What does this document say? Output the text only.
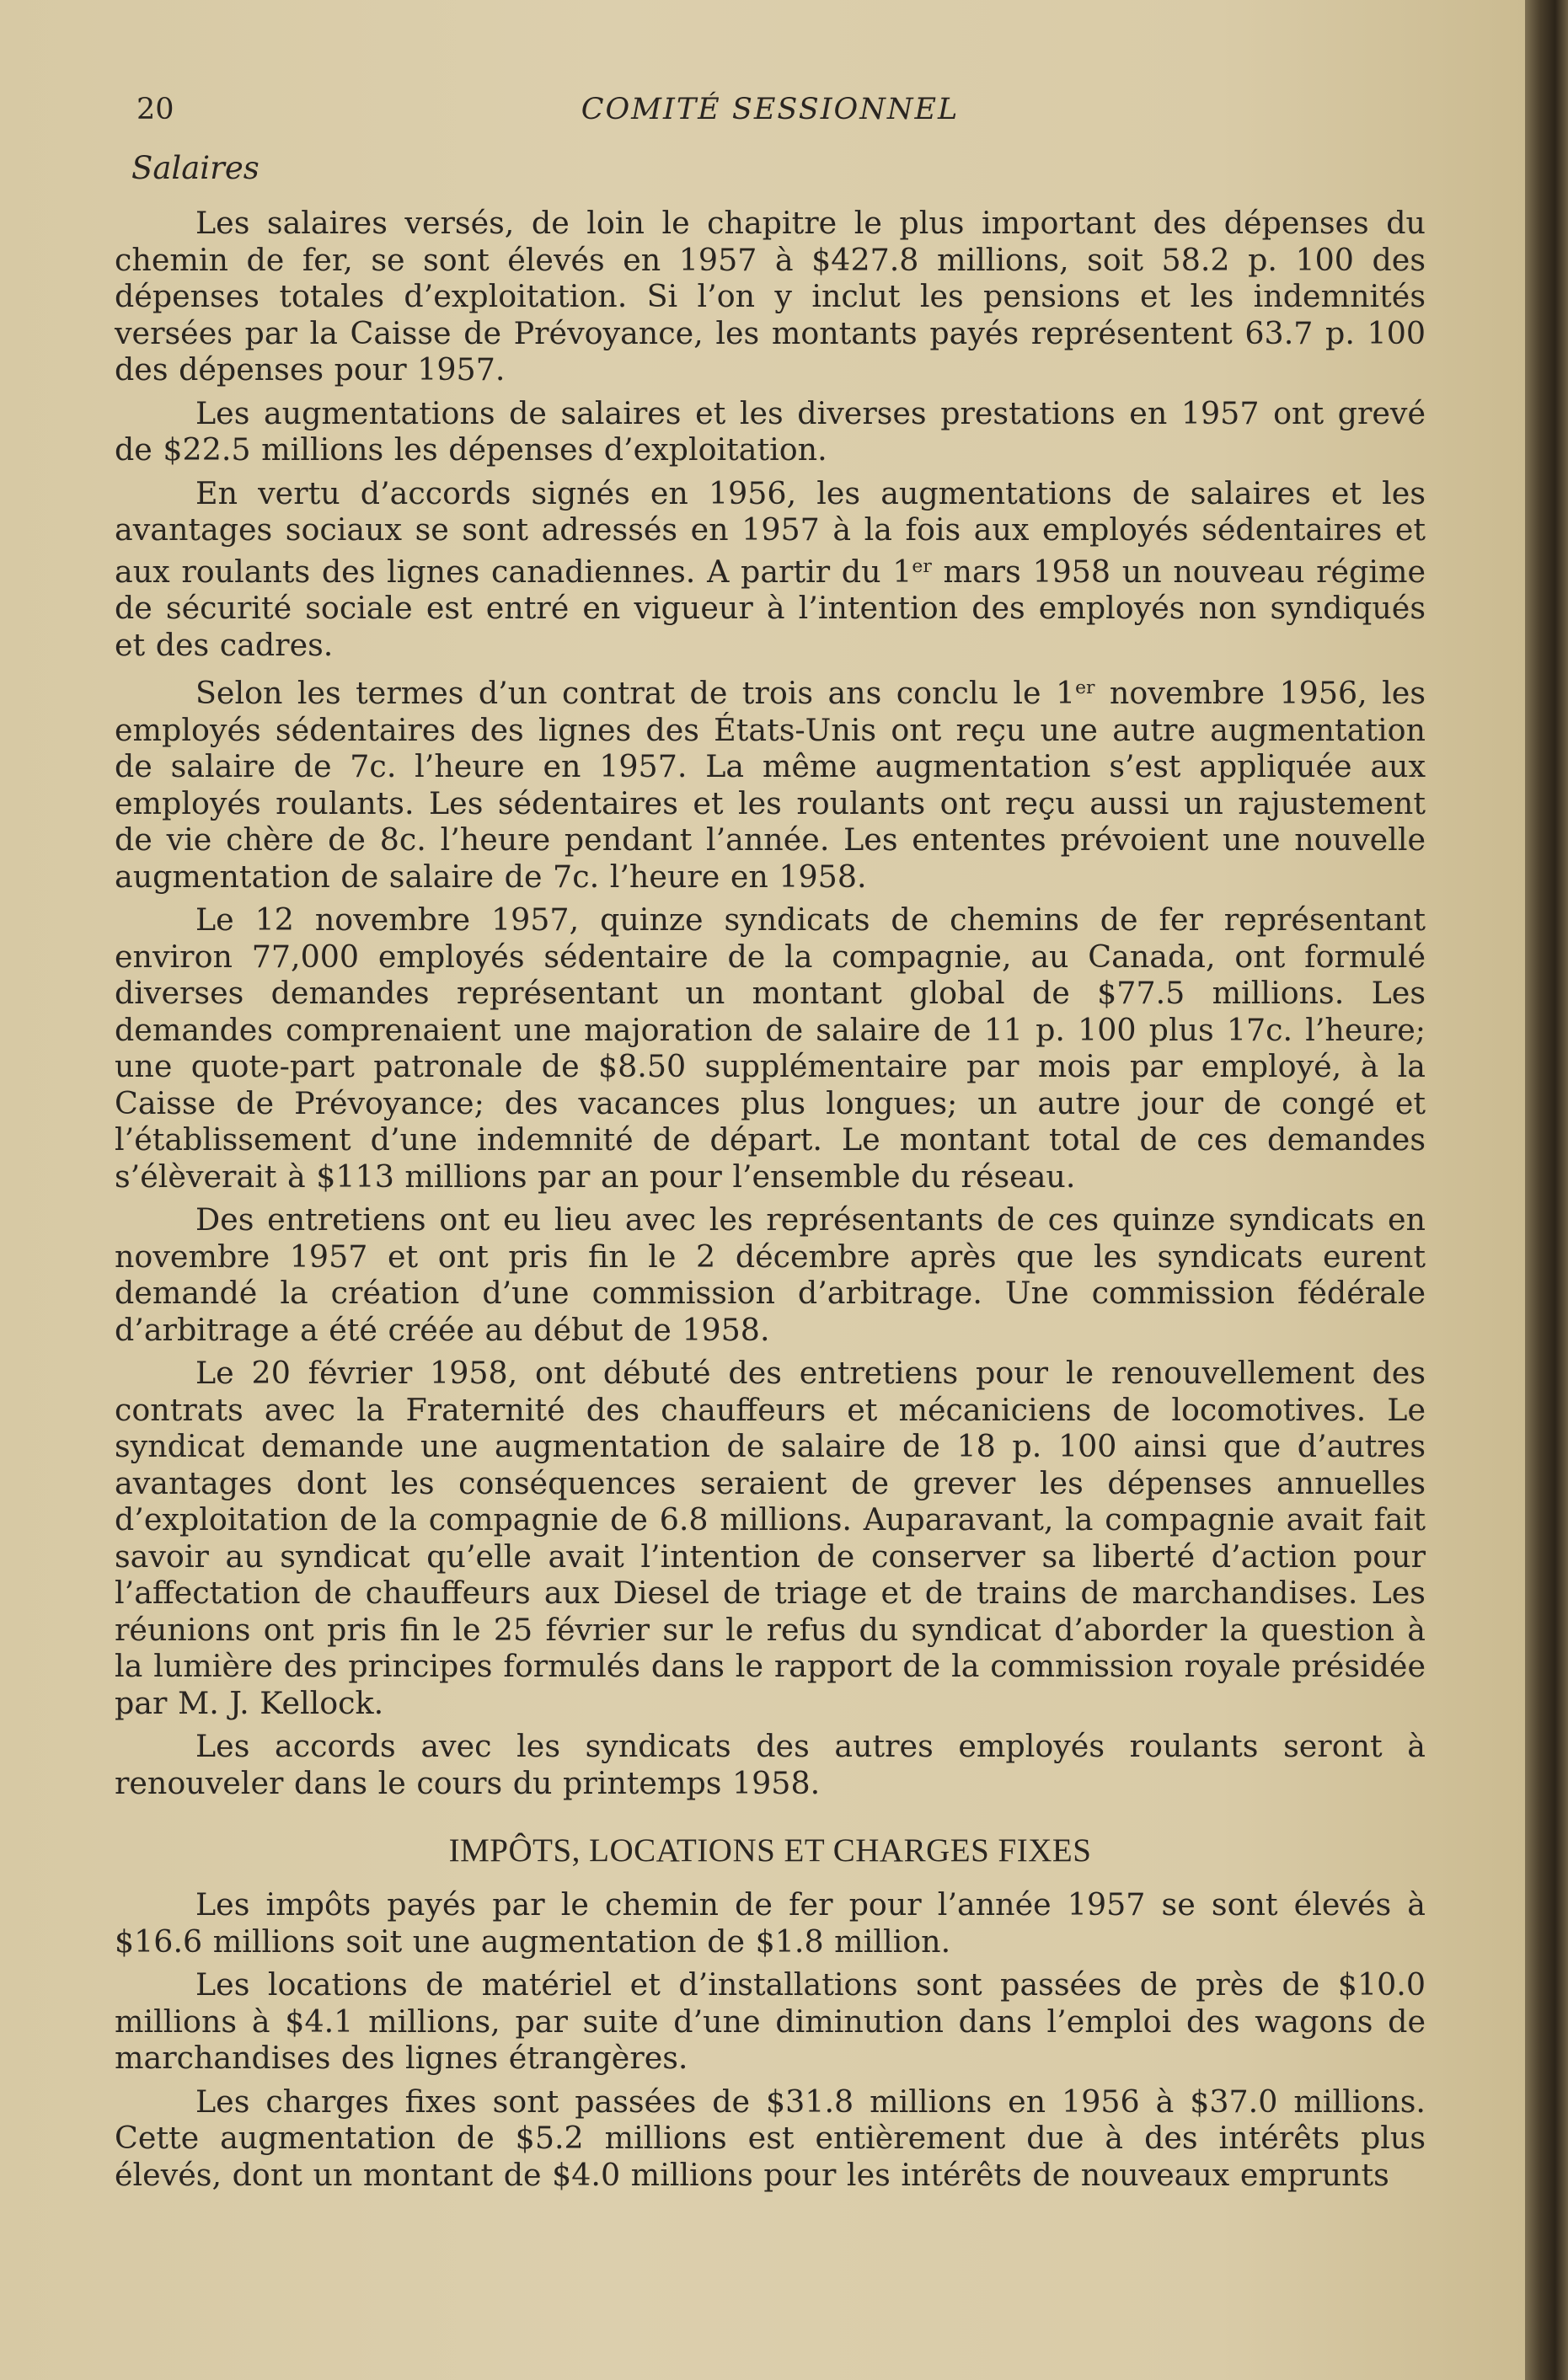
20	COMITÉ SESSIONNEL
Salaires

Les salaires versés, de loin le chapitre le plus important des dépenses du chemin de fer, se sont élevés en 1957 à $427.8 millions, soit 58.2 p. 100 des dépenses totales d’exploitation. Si l’on y inclut les pensions et les indemnités versées par la Caisse de Prévoyance, les montants payés représentent 63.7 p. 100 des dépenses pour 1957.

Les augmentations de salaires et les diverses prestations en 1957 ont grevé de $22.5 millions les dépenses d’exploitation.

En vertu d’accords signés en 1956, les augmentations de salaires et les avantages sociaux se sont adressés en 1957 à la fois aux employés sédentaires et aux roulants des lignes canadiennes. A partir du 1er mars 1958 un nouveau régime de sécurité sociale est entré en vigueur à l’intention des employés non syndiqués et des cadres.

Selon les termes d’un contrat de trois ans conclu le 1er novembre 1956, les employés sédentaires des lignes des États-Unis ont reçu une autre augmentation de salaire de 7c. l’heure en 1957. La même augmentation s’est appliquée aux employés roulants. Les sédentaires et les roulants ont reçu aussi un rajustement de vie chère de 8c. l’heure pendant l’année. Les ententes prévoient une nouvelle augmentation de salaire de 7c. l’heure en 1958.

Le 12 novembre 1957, quinze syndicats de chemins de fer représentant environ 77,000 employés sédentaire de la compagnie, au Canada, ont formulé diverses demandes représentant un montant global de $77.5 millions. Les demandes comprenaient une majoration de salaire de 11 p. 100 plus 17c. l’heure; une quote-part patronale de $8.50 supplémentaire par mois par employé, à la Caisse de Prévoyance; des vacances plus longues; un autre jour de congé et l’établissement d’une indemnité de départ. Le montant total de ces demandes s’élèverait à $113 millions par an pour l’ensemble du réseau.

Des entretiens ont eu lieu avec les représentants de ces quinze syndicats en novembre 1957 et ont pris fin le 2 décembre après que les syndicats eurent demandé la création d’une commission d’arbitrage. Une commission fédérale d’arbitrage a été créée au début de 1958.

Le 20 février 1958, ont débuté des entretiens pour le renouvellement des contrats avec la Fraternité des chauffeurs et mécaniciens de locomotives. Le syndicat demande une augmentation de salaire de 18 p. 100 ainsi que d’autres avantages dont les conséquences seraient de grever les dépenses annuelles d’exploitation de la compagnie de 6.8 millions. Auparavant, la compagnie avait fait savoir au syndicat qu’elle avait l’intention de conserver sa liberté d’action pour l’affectation de chauffeurs aux Diesel de triage et de trains de marchandises. Les réunions ont pris fin le 25 février sur le refus du syndicat d’aborder la question à la lumière des principes formulés dans le rapport de la commission royale présidée par M. J. Kellock.

Les accords avec les syndicats des autres employés roulants seront à renouveler dans le cours du printemps 1958.

IMPÔTS, LOCATIONS ET CHARGES FIXES

Les impôts payés par le chemin de fer pour l’année 1957 se sont élevés à $16.6 millions soit une augmentation de $1.8 million.

Les locations de matériel et d’installations sont passées de près de $10.0 millions à $4.1 millions, par suite d’une diminution dans l’emploi des wagons de marchandises des lignes étrangères.

Les charges fixes sont passées de $31.8 millions en 1956 à $37.0 millions. Cette augmentation de $5.2 millions est entièrement due à des intérêts plus élevés, dont un montant de $4.0 millions pour les intérêts de nouveaux emprunts
